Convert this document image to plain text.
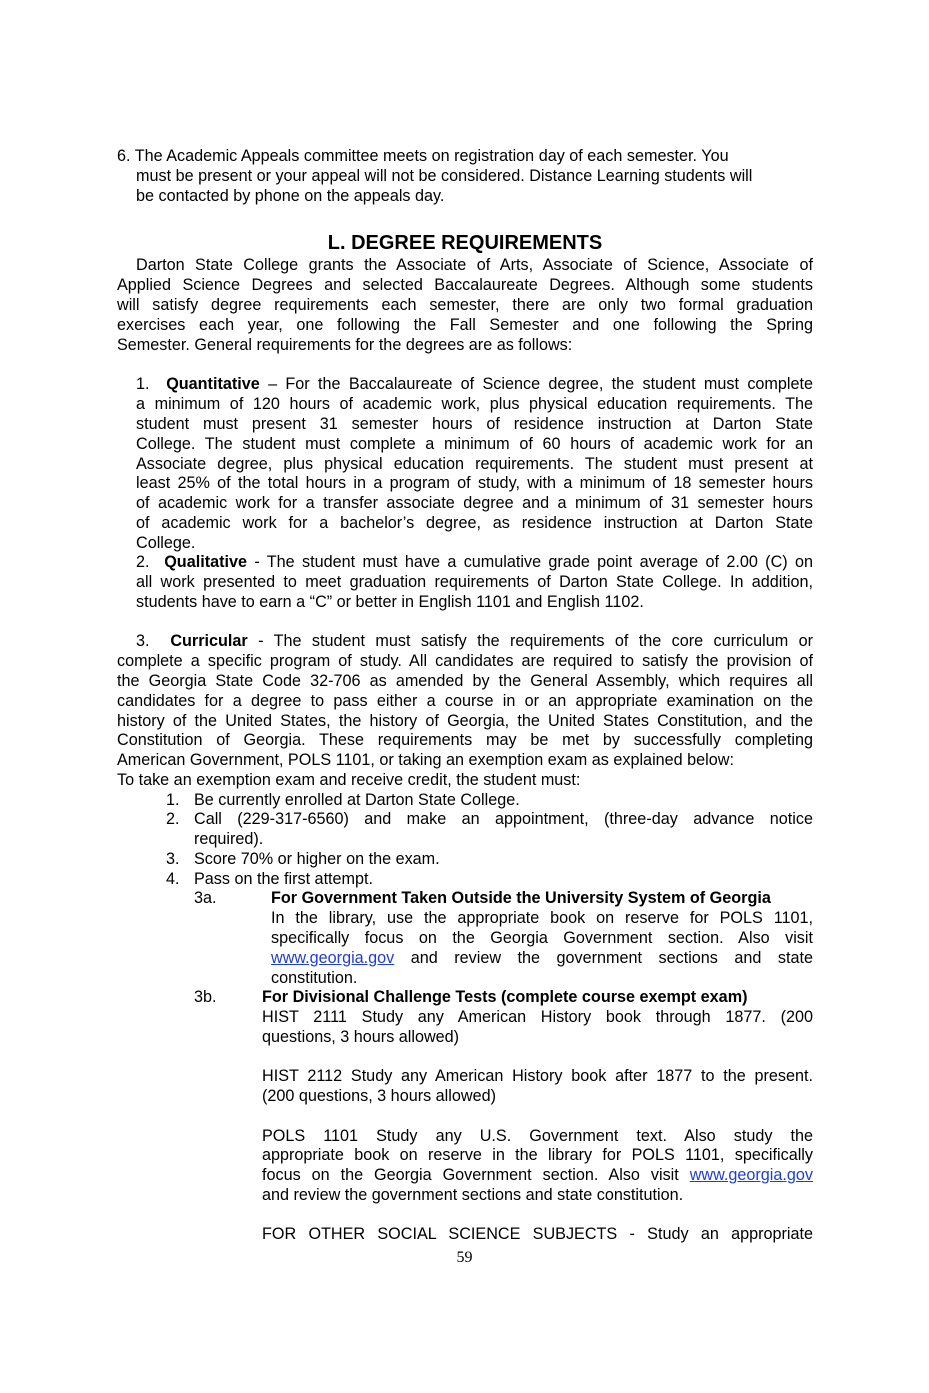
6. The Academic Appeals committee meets on registration day of each semester. You
must be present or your appeal will not be considered. Distance Learning students will
be contacted by phone on the appeals day.
L. DEGREE REQUIREMENTS
Darton State College grants the Associate of Arts, Associate of Science, Associate of
Applied Science Degrees and selected Baccalaureate Degrees. Although some students
will satisfy degree requirements each semester, there are only two formal graduation
exercises each year, one following the Fall Semester and one following the Spring
Semester. General requirements for the degrees are as follows:
1. Quantitative – For the Baccalaureate of Science degree, the student must complete
a minimum of 120 hours of academic work, plus physical education requirements. The
student must present 31 semester hours of residence instruction at Darton State
College. The student must complete a minimum of 60 hours of academic work for an
Associate degree, plus physical education requirements. The student must present at
least 25% of the total hours in a program of study, with a minimum of 18 semester hours
of academic work for a transfer associate degree and a minimum of 31 semester hours
of academic work for a bachelor’s degree, as residence instruction at Darton State
College.
2. Qualitative - The student must have a cumulative grade point average of 2.00 (C) on
all work presented to meet graduation requirements of Darton State College. In addition,
students have to earn a “C” or better in English 1101 and English 1102.
3. Curricular - The student must satisfy the requirements of the core curriculum or
complete a specific program of study. All candidates are required to satisfy the provision of
the Georgia State Code 32-706 as amended by the General Assembly, which requires all
candidates for a degree to pass either a course in or an appropriate examination on the
history of the United States, the history of Georgia, the United States Constitution, and the
Constitution of Georgia. These requirements may be met by successfully completing
American Government, POLS 1101, or taking an exemption exam as explained below:
To take an exemption exam and receive credit, the student must:
1. Be currently enrolled at Darton State College.
2. Call (229-317-6560) and make an appointment, (three-day advance notice
required).
3. Score 70% or higher on the exam.
4. Pass on the first attempt.
3a.	For Government Taken Outside the University System of Georgia
In the library, use the appropriate book on reserve for POLS 1101,
specifically focus on the Georgia Government section. Also visit
www.georgia.gov and review the government sections and state
constitution.
3b.	For Divisional Challenge Tests (complete course exempt exam)
HIST 2111 Study any American History book through 1877. (200
questions, 3 hours allowed)
HIST 2112 Study any American History book after 1877 to the present.
(200 questions, 3 hours allowed)
POLS 1101 Study any U.S. Government text. Also study the
appropriate book on reserve in the library for POLS 1101, specifically
focus on the Georgia Government section. Also visit www.georgia.gov
and review the government sections and state constitution.
FOR OTHER SOCIAL SCIENCE SUBJECTS - Study an appropriate
59
